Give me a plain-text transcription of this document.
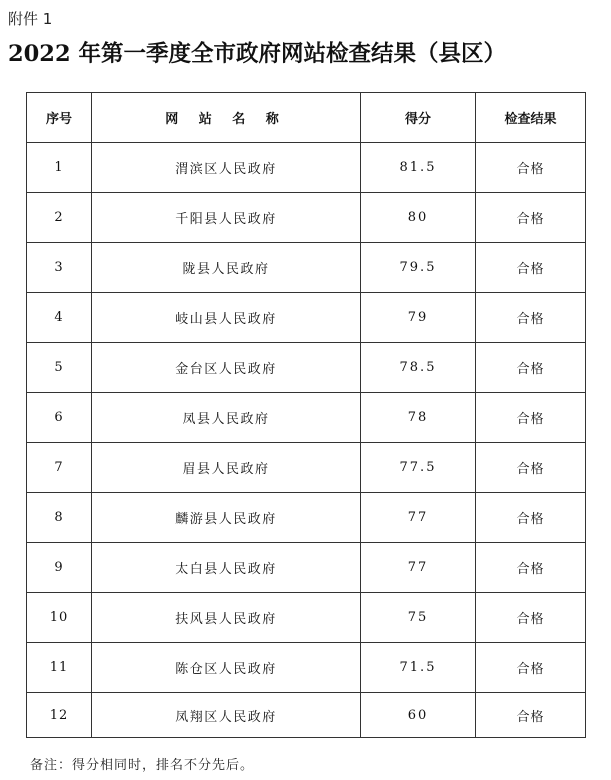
附件 1
2022 年第一季度全市政府网站检查结果（县区）
序号	网 站 名 称	得分	检查结果
1	渭滨区人民政府	81.5	合格
2	千阳县人民政府	80	合格
3	陇县人民政府	79.5	合格
4	岐山县人民政府	79	合格
5	金台区人民政府	78.5	合格
6	凤县人民政府	78	合格
7	眉县人民政府	77.5	合格
8	麟游县人民政府	77	合格
9	太白县人民政府	77	合格
10	扶风县人民政府	75	合格
11	陈仓区人民政府	71.5	合格
12	凤翔区人民政府	60	合格
备注：得分相同时，排名不分先后。
